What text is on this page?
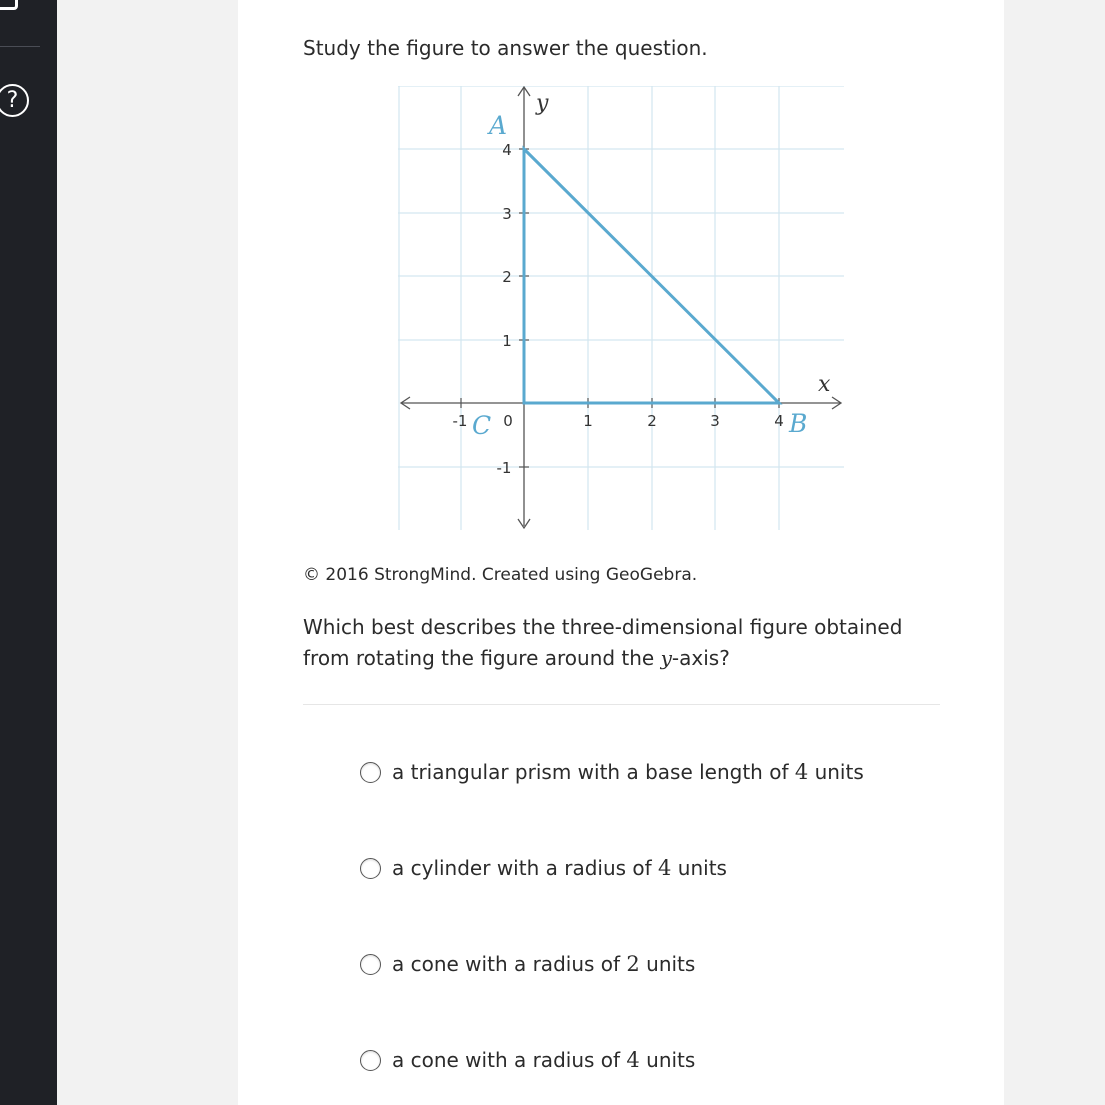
?
Study the figure to answer the question.
-1 0	1	2	3	4
-1
1
2
3
4
y
x
A
B
C
© 2016 StrongMind. Created using GeoGebra.
Which best describes the three-dimensional figure obtained from rotating the figure around the y-axis?
a triangular prism with a base length of 4 units
a cylinder with a radius of 4 units
a cone with a radius of 2 units
a cone with a radius of 4 units
